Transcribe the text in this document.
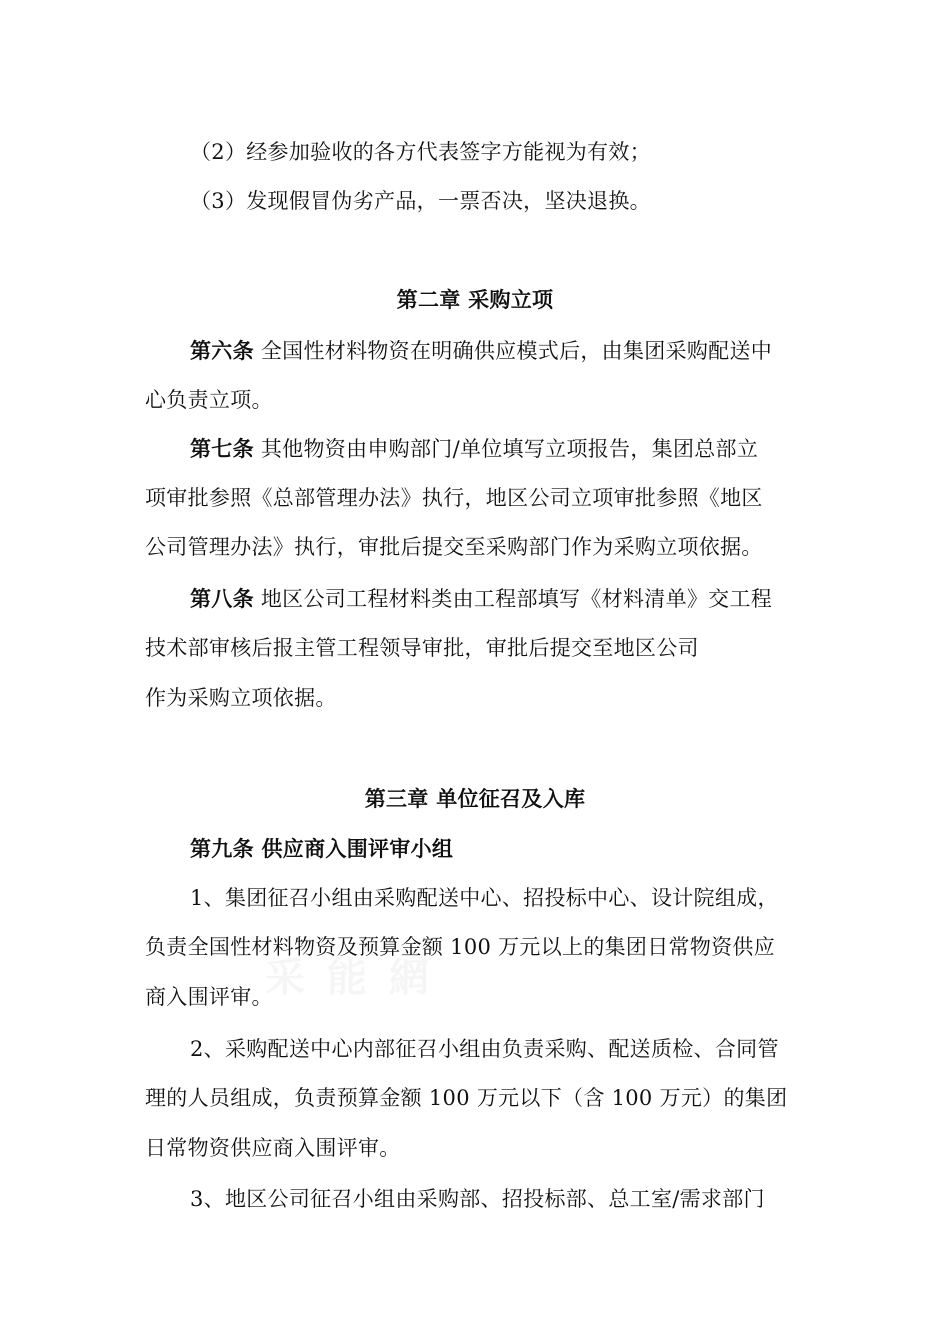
（2）经参加验收的各方代表签字方能视为有效；
（3）发现假冒伪劣产品，一票否决，坚决退换。
第二章 采购立项
第六条 全国性材料物资在明确供应模式后，由集团采购配送中
心负责立项。
第七条 其他物资由申购部门/单位填写立项报告，集团总部立
项审批参照《总部管理办法》执行，地区公司立项审批参照《地区
公司管理办法》执行，审批后提交至采购部门作为采购立项依据。
第八条 地区公司工程材料类由工程部填写《材料清单》交工程
技术部审核后报主管工程领导审批，审批后提交至地区公司
作为采购立项依据。
第三章 单位征召及入库
第九条 供应商入围评审小组
1、集团征召小组由采购配送中心、招投标中心、设计院组成，
负责全国性材料物资及预算金额 100 万元以上的集团日常物资供应
商入围评审。
2、采购配送中心内部征召小组由负责采购、配送质检、合同管
理的人员组成，负责预算金额 100 万元以下（含 100 万元）的集团
日常物资供应商入围评审。
3、地区公司征召小组由采购部、招投标部、总工室/需求部门
采 能 網
